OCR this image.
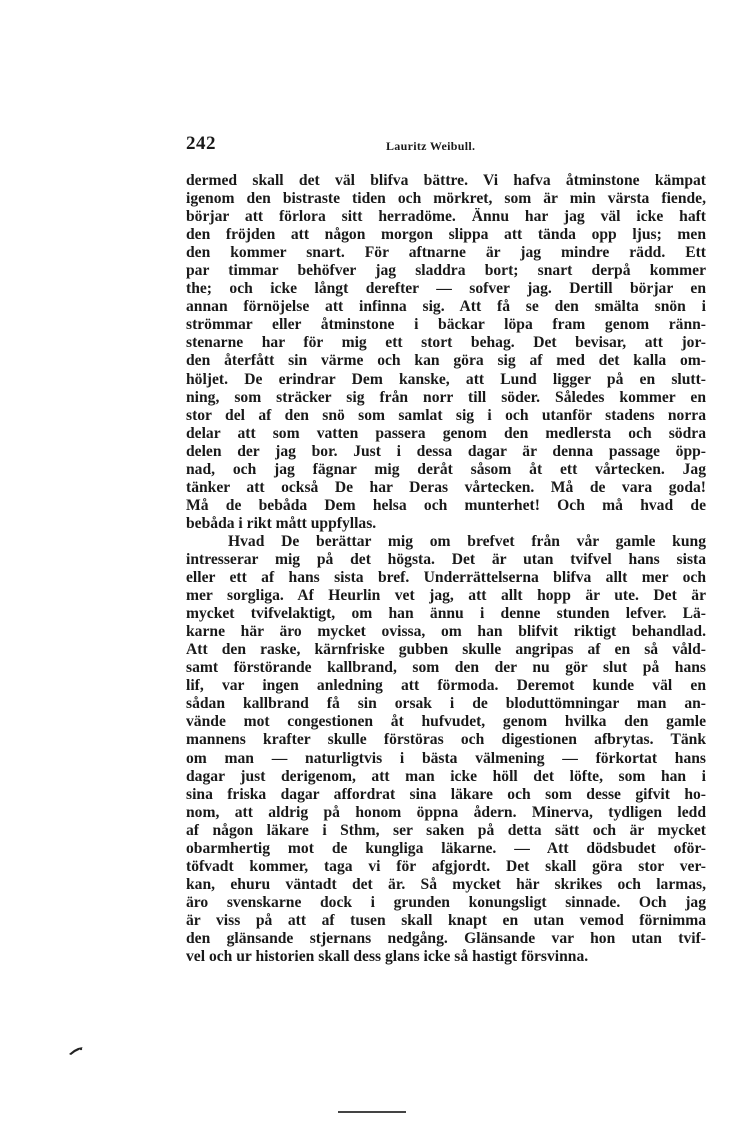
242	Lauritz Weibull.
dermed skall det väl blifva bättre. Vi hafva åtminstone kämpat
igenom den bistraste tiden och mörkret, som är min värsta fiende,
börjar att förlora sitt herradöme. Ännu har jag väl icke haft
den fröjden att någon morgon slippa att tända opp ljus; men
den kommer snart. För aftnarne är jag mindre rädd. Ett
par timmar behöfver jag sladdra bort; snart derpå kommer
the; och icke långt derefter — sofver jag. Dertill börjar en
annan förnöjelse att infinna sig. Att få se den smälta snön i
strömmar eller åtminstone i bäckar löpa fram genom ränn-
stenarne har för mig ett stort behag. Det bevisar, att jor-
den återfått sin värme och kan göra sig af med det kalla om-
höljet. De erindrar Dem kanske, att Lund ligger på en slutt-
ning, som sträcker sig från norr till söder. Således kommer en
stor del af den snö som samlat sig i och utanför stadens norra
delar att som vatten passera genom den medlersta och södra
delen der jag bor. Just i dessa dagar är denna passage öpp-
nad, och jag fägnar mig deråt såsom åt ett vårtecken. Jag
tänker att också De har Deras vårtecken. Må de vara goda!
Må de bebåda Dem helsa och munterhet! Och må hvad de
bebåda i rikt mått uppfyllas.
Hvad De berättar mig om brefvet från vår gamle kung
intresserar mig på det högsta. Det är utan tvifvel hans sista
eller ett af hans sista bref. Underrättelserna blifva allt mer och
mer sorgliga. Af Heurlin vet jag, att allt hopp är ute. Det är
mycket tvifvelaktigt, om han ännu i denne stunden lefver. Lä-
karne här äro mycket ovissa, om han blifvit riktigt behandlad.
Att den raske, kärnfriske gubben skulle angripas af en så våld-
samt förstörande kallbrand, som den der nu gör slut på hans
lif, var ingen anledning att förmoda. Deremot kunde väl en
sådan kallbrand få sin orsak i de bloduttömningar man an-
vände mot congestionen åt hufvudet, genom hvilka den gamle
mannens krafter skulle förstöras och digestionen afbrytas. Tänk
om man — naturligtvis i bästa välmening — förkortat hans
dagar just derigenom, att man icke höll det löfte, som han i
sina friska dagar affordrat sina läkare och som desse gifvit ho-
nom, att aldrig på honom öppna ådern. Minerva, tydligen ledd
af någon läkare i Sthm, ser saken på detta sätt och är mycket
obarmhertig mot de kungliga läkarne. — Att dödsbudet oför-
töfvadt kommer, taga vi för afgjordt. Det skall göra stor ver-
kan, ehuru väntadt det är. Så mycket här skrikes och larmas,
äro svenskarne dock i grunden konungsligt sinnade. Och jag
är viss på att af tusen skall knapt en utan vemod förnimma
den glänsande stjernans nedgång. Glänsande var hon utan tvif-
vel och ur historien skall dess glans icke så hastigt försvinna.
